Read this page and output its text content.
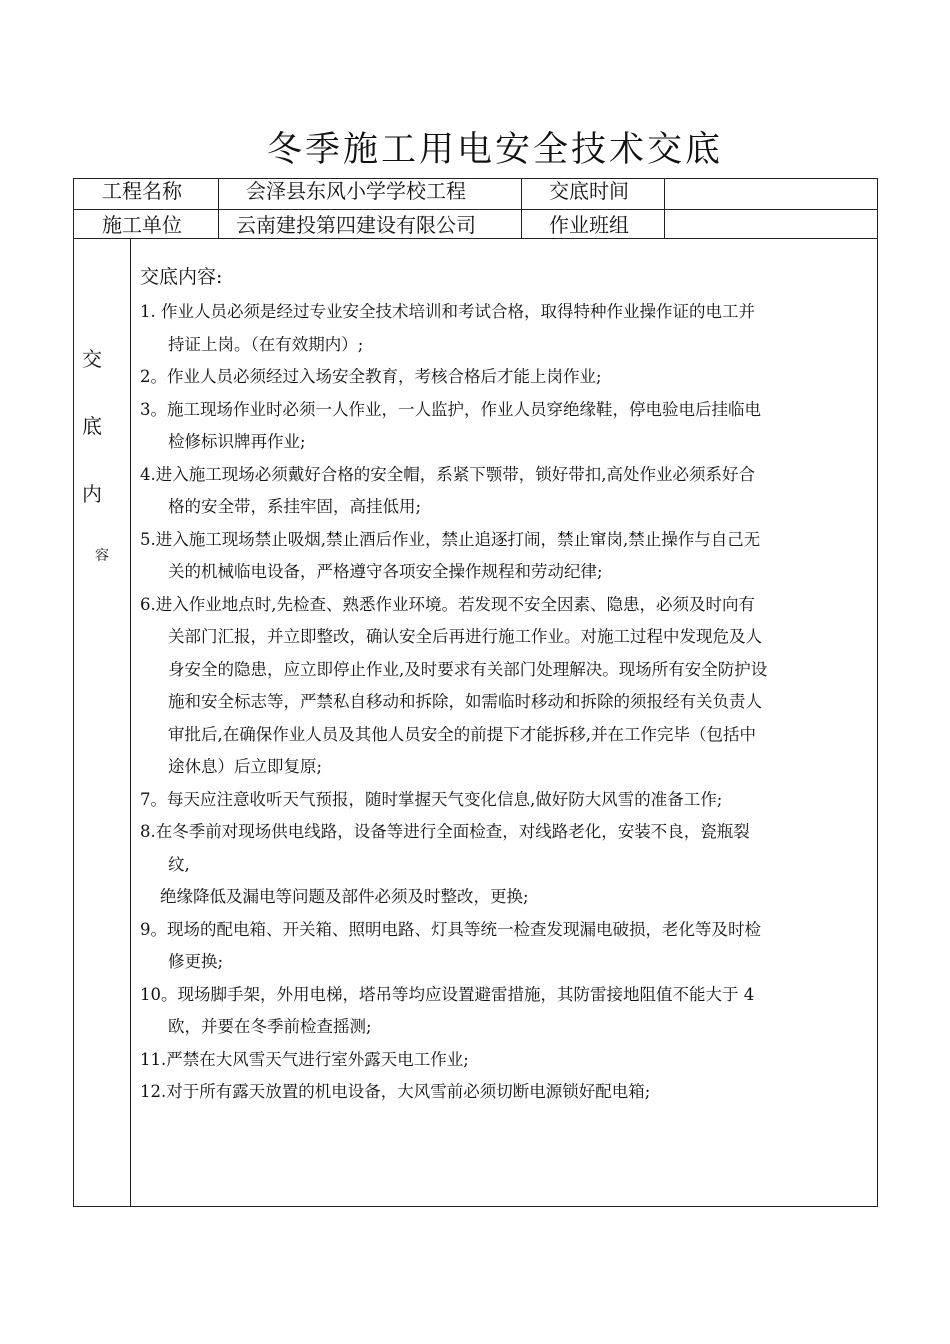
冬季施工用电安全技术交底
工程名称	会泽县东风小学学校工程	交底时间
施工单位	云南建投第四建设有限公司	作业班组
交
底
内
容
交底内容:
1. 作业人员必须是经过专业安全技术培训和考试合格，取得特种作业操作证的电工并
持证上岗。（在有效期内）;
2。作业人员必须经过入场安全教育，考核合格后才能上岗作业;
3。施工现场作业时必须一人作业，一人监护，作业人员穿绝缘鞋，停电验电后挂临电
检修标识牌再作业;
4.进入施工现场必须戴好合格的安全帽，系紧下颚带，锁好带扣,高处作业必须系好合
格的安全带，系挂牢固，高挂低用;
5.进入施工现场禁止吸烟,禁止酒后作业，禁止追逐打闹，禁止窜岗,禁止操作与自己无
关的机械临电设备，严格遵守各项安全操作规程和劳动纪律;
6.进入作业地点时,先检查、熟悉作业环境。若发现不安全因素、隐患，必须及时向有
关部门汇报，并立即整改，确认安全后再进行施工作业。对施工过程中发现危及人
身安全的隐患，应立即停止作业,及时要求有关部门处理解决。现场所有安全防护设
施和安全标志等，严禁私自移动和拆除，如需临时移动和拆除的须报经有关负责人
审批后,在确保作业人员及其他人员安全的前提下才能拆移,并在工作完毕（包括中
途休息）后立即复原;
7。每天应注意收听天气预报，随时掌握天气变化信息,做好防大风雪的准备工作;
8.在冬季前对现场供电线路，设备等进行全面检查，对线路老化，安装不良，瓷瓶裂
纹,
绝缘降低及漏电等问题及部件必须及时整改，更换;
9。现场的配电箱、开关箱、照明电路、灯具等统一检查发现漏电破损，老化等及时检
修更换;
10。现场脚手架，外用电梯，塔吊等均应设置避雷措施，其防雷接地阻值不能大于 4
欧，并要在冬季前检查摇测;
11.严禁在大风雪天气进行室外露天电工作业;
12.对于所有露天放置的机电设备，大风雪前必须切断电源锁好配电箱;
